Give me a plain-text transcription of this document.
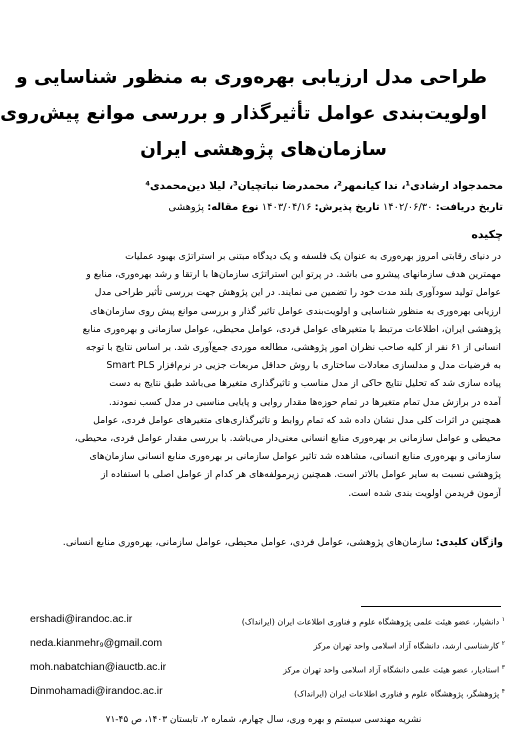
طراحی مدل ارزیابی بهره‌وری به منظور شناسایی و
اولویت‌بندی عوامل تأثیرگذار و بررسی موانع پیش‌روی
سازمان‌های پژوهشی ایران
محمدجواد ارشادی¹، ندا کیانمهر²، محمدرضا نباتچیان³، لیلا دین‌محمدی⁴
تاریخ دریافت: ۱۴۰۲/۰۶/۳۰ تاریخ پذیرش: ۱۴۰۳/۰۴/۱۶ نوع مقاله: پژوهشی
چکیده
در دنیای رقابتی امروز بهره‌وری به عنوان یک فلسفه و یک دیدگاه مبتنی بر استراتژی بهبود عملیات
مهمترین هدف سازمانهای پیشرو می باشد. در پرتو این استراتژی سازمان‌ها با ارتقا و رشد بهره‌وری، منابع و
عوامل تولید سودآوری بلند مدت خود را تضمین می نمایند. در این پژوهش جهت بررسی تأثیر طراحی مدل
ارزیابی بهره‌وری به منظور شناسایی و اولویت‌بندی عوامل تاثیر گذار و بررسی موانع پیش روی سازمان‌های
پژوهشی ایران، اطلاعات مرتبط با متغیرهای عوامل فردی، عوامل محیطی، عوامل سازمانی و بهره‌وری منابع
انسانی از ۶۱ نفر از کلیه صاحب نظران امور پژوهشی، مطالعه موردی جمع‌آوری شد. بر اساس نتایج با توجه
به فرضیات مدل و مدلسازی معادلات ساختاری با روش حداقل مربعات جزیی در نرم‌افزار Smart PLS
پیاده سازی شد که تحلیل نتایج حاکی از مدل مناسب و تاثیرگذاری متغیرها می‌باشد طبق نتایج به دست
آمده در برازش مدل تمام متغیرها در تمام حوزه‌ها مقدار روایی و پایایی مناسبی در مدل کسب نمودند.
همچنین در اثرات کلی مدل نشان داده شد که تمام روابط و تاثیرگذاری‌های متغیرهای عوامل فردی، عوامل
محیطی و عوامل سازمانی بر بهره‌وری منابع انسانی معنی‌دار می‌باشد. با بررسی مقدار عوامل فردی، محیطی،
سازمانی و بهره‌وری منابع انسانی، مشاهده شد تاثیر عوامل سازمانی بر بهره‌وری منابع انسانی سازمان‌های
پژوهشی نسبت به سایر عوامل بالاتر است. همچنین زیرمولفه‌های هر کدام از عوامل اصلی با استفاده از
آزمون فریدمن اولویت بندی شده است.
واژگان کلیدی: سازمان‌های پژوهشی، عوامل فردی، عوامل محیطی، عوامل سازمانی، بهره‌وری منابع انسانی.
$^۱$ دانشیار، عضو هیئت علمی پژوهشگاه علوم و فناوری اطلاعات ایران (ایرانداک)
ershadi@irandoc.ac.ir
$^۲$ کارشناسی ارشد، دانشگاه آزاد اسلامی واحد تهران مرکز
neda.kianmehr₉@gmail.com
$^۳$ استادیار، عضو هیئت علمی دانشگاه آزاد اسلامی واحد تهران مرکز
moh.nabatchian@iauctb.ac.ir
$^۴$ پژوهشگر، پژوهشگاه علوم و فناوری اطلاعات ایران (ایرانداک)
Dinmohamadi@irandoc.ac.ir
نشریه مهندسی سیستم و بهره وری، سال چهارم، شماره ۲، تابستان ۱۴۰۳، ص ۴۵-۷۱
